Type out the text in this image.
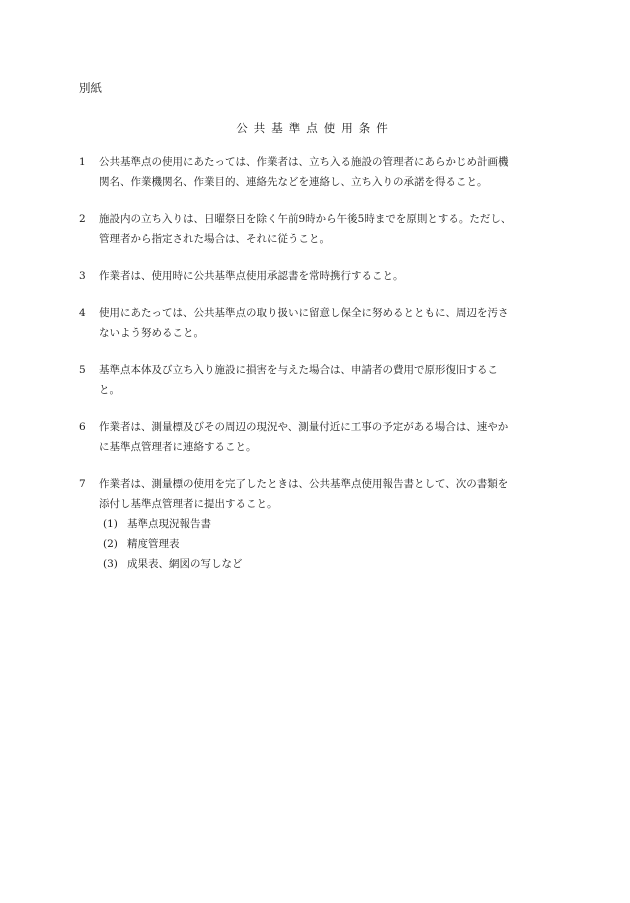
別紙
公共基準点使用条件
1 公共基準点の使用にあたっては、作業者は、立ち入る施設の管理者にあらかじめ計画機
関名、作業機関名、作業目的、連絡先などを連絡し、立ち入りの承諾を得ること。
2 施設内の立ち入りは、日曜祭日を除く午前9時から午後5時までを原則とする。ただし、
管理者から指定された場合は、それに従うこと。
3 作業者は、使用時に公共基準点使用承認書を常時携行すること。
4 使用にあたっては、公共基準点の取り扱いに留意し保全に努めるとともに、周辺を汚さ
ないよう努めること。
5 基準点本体及び立ち入り施設に損害を与えた場合は、申請者の費用で原形復旧するこ
と。
6 作業者は、測量標及びその周辺の現況や、測量付近に工事の予定がある場合は、速やか
に基準点管理者に連絡すること。
7 作業者は、測量標の使用を完了したときは、公共基準点使用報告書として、次の書類を
添付し基準点管理者に提出すること。
(1) 基準点現況報告書
(2) 精度管理表
(3) 成果表、網図の写しなど
